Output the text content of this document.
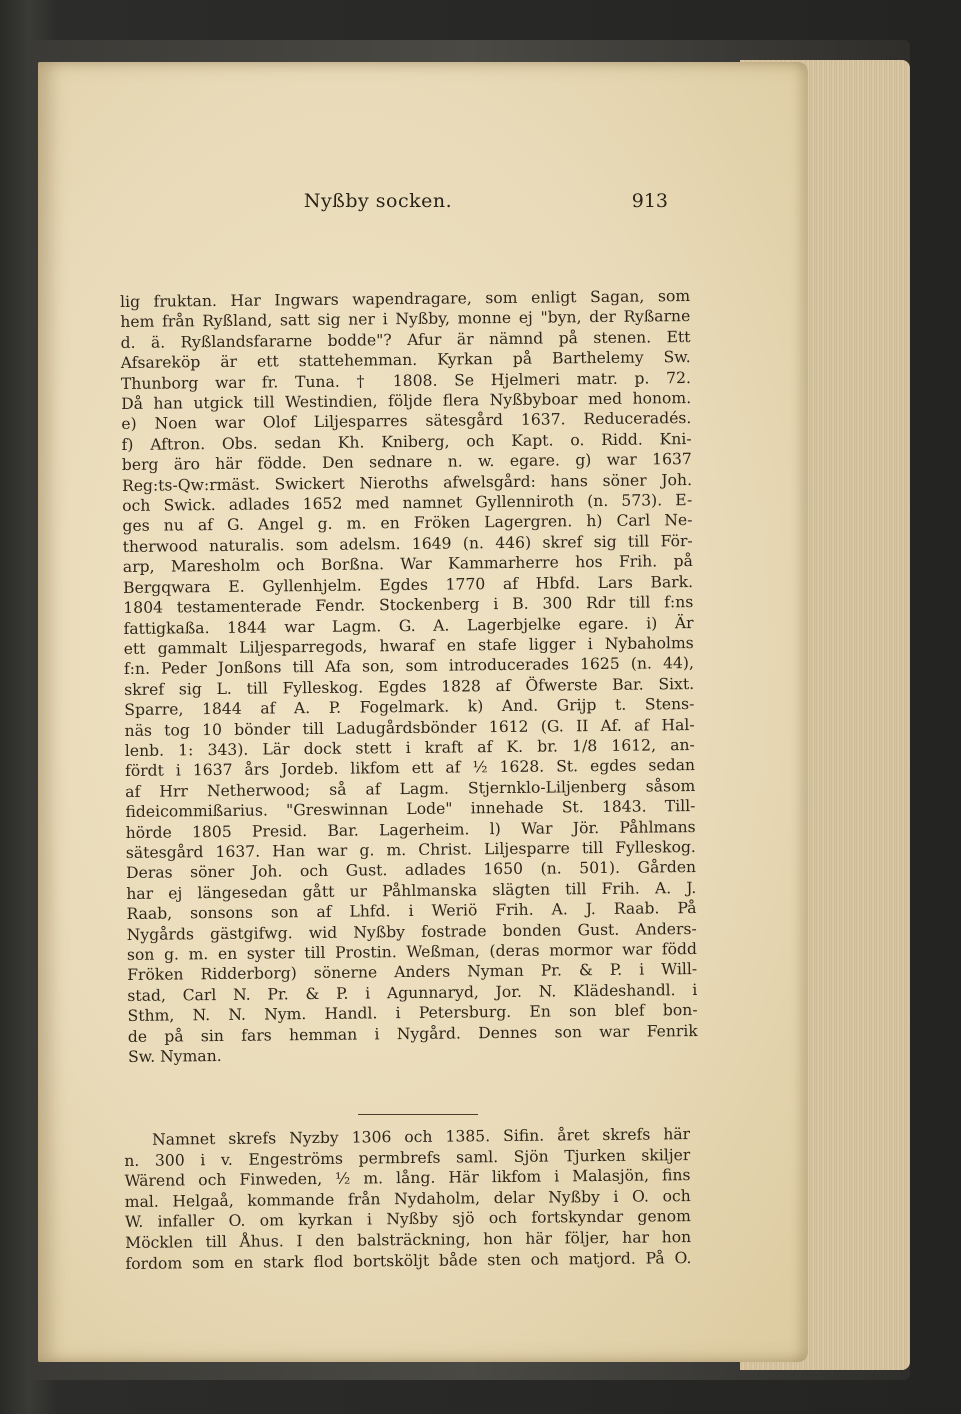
Nyßby socken.	913
lig fruktan. Har Ingwars wapendragare, som enligt Sagan, som
hem från Ryßland, satt sig ner i Nyßby, monne ej "byn, der Ryßarne
d. ä. Ryßlandsfararne bodde"? Afur är nämnd på stenen. Ett
Afsareköp är ett stattehemman. Kyrkan på Barthelemy Sw.
Thunborg war fr. Tuna. † 1808. Se Hjelmeri matr. p. 72.
Då han utgick till Westindien, följde flera Nyßbyboar med honom.
e) Noen war Olof Liljesparres sätesgård 1637. Reduceradés.
f) Aftron. Obs. sedan Kh. Kniberg, och Kapt. o. Ridd. Kni-
berg äro här födde. Den sednare n. w. egare. g) war 1637
Reg:ts-Qw:rmäst. Swickert Nieroths afwelsgård: hans söner Joh.
och Swick. adlades 1652 med namnet Gyllenniroth (n. 573). E-
ges nu af G. Angel g. m. en Fröken Lagergren. h) Carl Ne-
therwood naturalis. som adelsm. 1649 (n. 446) skref sig till För-
arp, Maresholm och Borßna. War Kammarherre hos Frih. på
Bergqwara E. Gyllenhjelm. Egdes 1770 af Hbfd. Lars Bark.
1804 testamenterade Fendr. Stockenberg i B. 300 Rdr till f:ns
fattigkaßa. 1844 war Lagm. G. A. Lagerbjelke egare. i) Är
ett gammalt Liljesparregods, hwaraf en stafe ligger i Nybaholms
f:n. Peder Jonßons till Afa son, som introducerades 1625 (n. 44),
skref sig L. till Fylleskog. Egdes 1828 af Öfwerste Bar. Sixt.
Sparre, 1844 af A. P. Fogelmark. k) And. Grijp t. Stens-
näs tog 10 bönder till Ladugårdsbönder 1612 (G. II Af. af Hal-
lenb. 1: 343). Lär dock stett i kraft af K. br. 1/8 1612, an-
fördt i 1637 års Jordeb. likfom ett af ½ 1628. St. egdes sedan
af Hrr Netherwood; så af Lagm. Stjernklo-Liljenberg såsom
fideicommißarius. "Greswinnan Lode" innehade St. 1843. Till-
hörde 1805 Presid. Bar. Lagerheim. l) War Jör. Påhlmans
sätesgård 1637. Han war g. m. Christ. Liljesparre till Fylleskog.
Deras söner Joh. och Gust. adlades 1650 (n. 501). Gården
har ej längesedan gått ur Påhlmanska slägten till Frih. A. J.
Raab, sonsons son af Lhfd. i Weriö Frih. A. J. Raab. På
Nygårds gästgifwg. wid Nyßby fostrade bonden Gust. Anders-
son g. m. en syster till Prostin. Weßman, (deras mormor war född
Fröken Ridderborg) sönerne Anders Nyman Pr. & P. i Will-
stad, Carl N. Pr. & P. i Agunnaryd, Jor. N. Klädeshandl. i
Sthm, N. N. Nym. Handl. i Petersburg. En son blef bon-
de på sin fars hemman i Nygård. Dennes son war Fenrik
Sw. Nyman.
Namnet skrefs Nyzby 1306 och 1385. Sifin. året skrefs här
n. 300 i v. Engeströms permbrefs saml. Sjön Tjurken skiljer
Wärend och Finweden, ½ m. lång. Här likfom i Malasjön, fins
mal. Helgaå, kommande från Nydaholm, delar Nyßby i O. och
W. infaller O. om kyrkan i Nyßby sjö och fortskyndar genom
Möcklen till Åhus. I den balsträckning, hon här följer, har hon
fordom som en stark flod bortsköljt både sten och matjord. På O.
